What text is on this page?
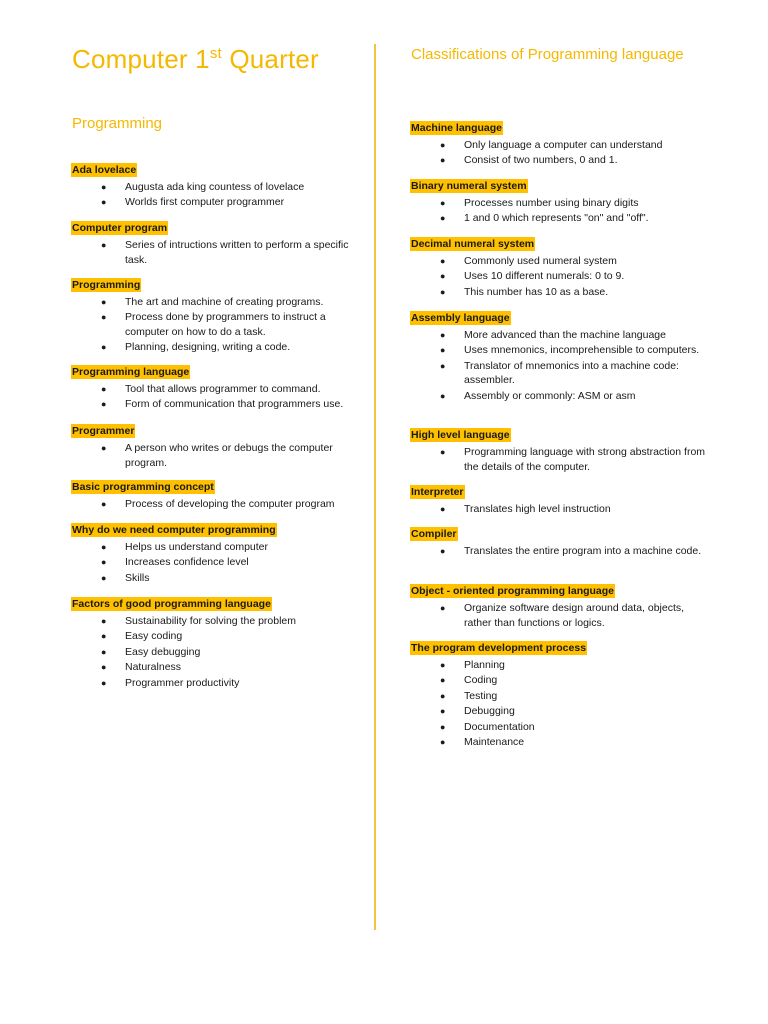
Computer 1st Quarter
Programming
Classifications of Programming language
Ada lovelace
● Augusta ada king countess of lovelace
● Worlds first computer programmer
Computer program
● Series of intructions written to perform a specific task.
Programming
● The art and machine of creating programs.
● Process done by programmers to instruct a computer on how to do a task.
● Planning, designing, writing a code.
Programming language
● Tool that allows programmer to command.
● Form of communication that programmers use.
Programmer
● A person who writes or debugs the computer program.
Basic programming concept
● Process of developing the computer program
Why do we need computer programming
● Helps us understand computer
● Increases confidence level
● Skills
Factors of good programming language
● Sustainability for solving the problem
● Easy coding
● Easy debugging
● Naturalness
● Programmer productivity
Machine language
● Only language a computer can understand
● Consist of two numbers, 0 and 1.
Binary numeral system
● Processes number using binary digits
● 1 and 0 which represents "on" and "off".
Decimal numeral system
● Commonly used numeral system
● Uses 10 different numerals: 0 to 9.
● This number has 10 as a base.
Assembly language
● More advanced than the machine language
● Uses mnemonics, incomprehensible to computers.
● Translator of mnemonics into a machine code: assembler.
● Assembly or commonly: ASM or asm
High level language
● Programming language with strong abstraction from the details of the computer.
Interpreter
● Translates high level instruction
Compiler
● Translates the entire program into a machine code.
Object - oriented programming language
● Organize software design around data, objects, rather than functions or logics.
The program development process
● Planning
● Coding
● Testing
● Debugging
● Documentation
● Maintenance
